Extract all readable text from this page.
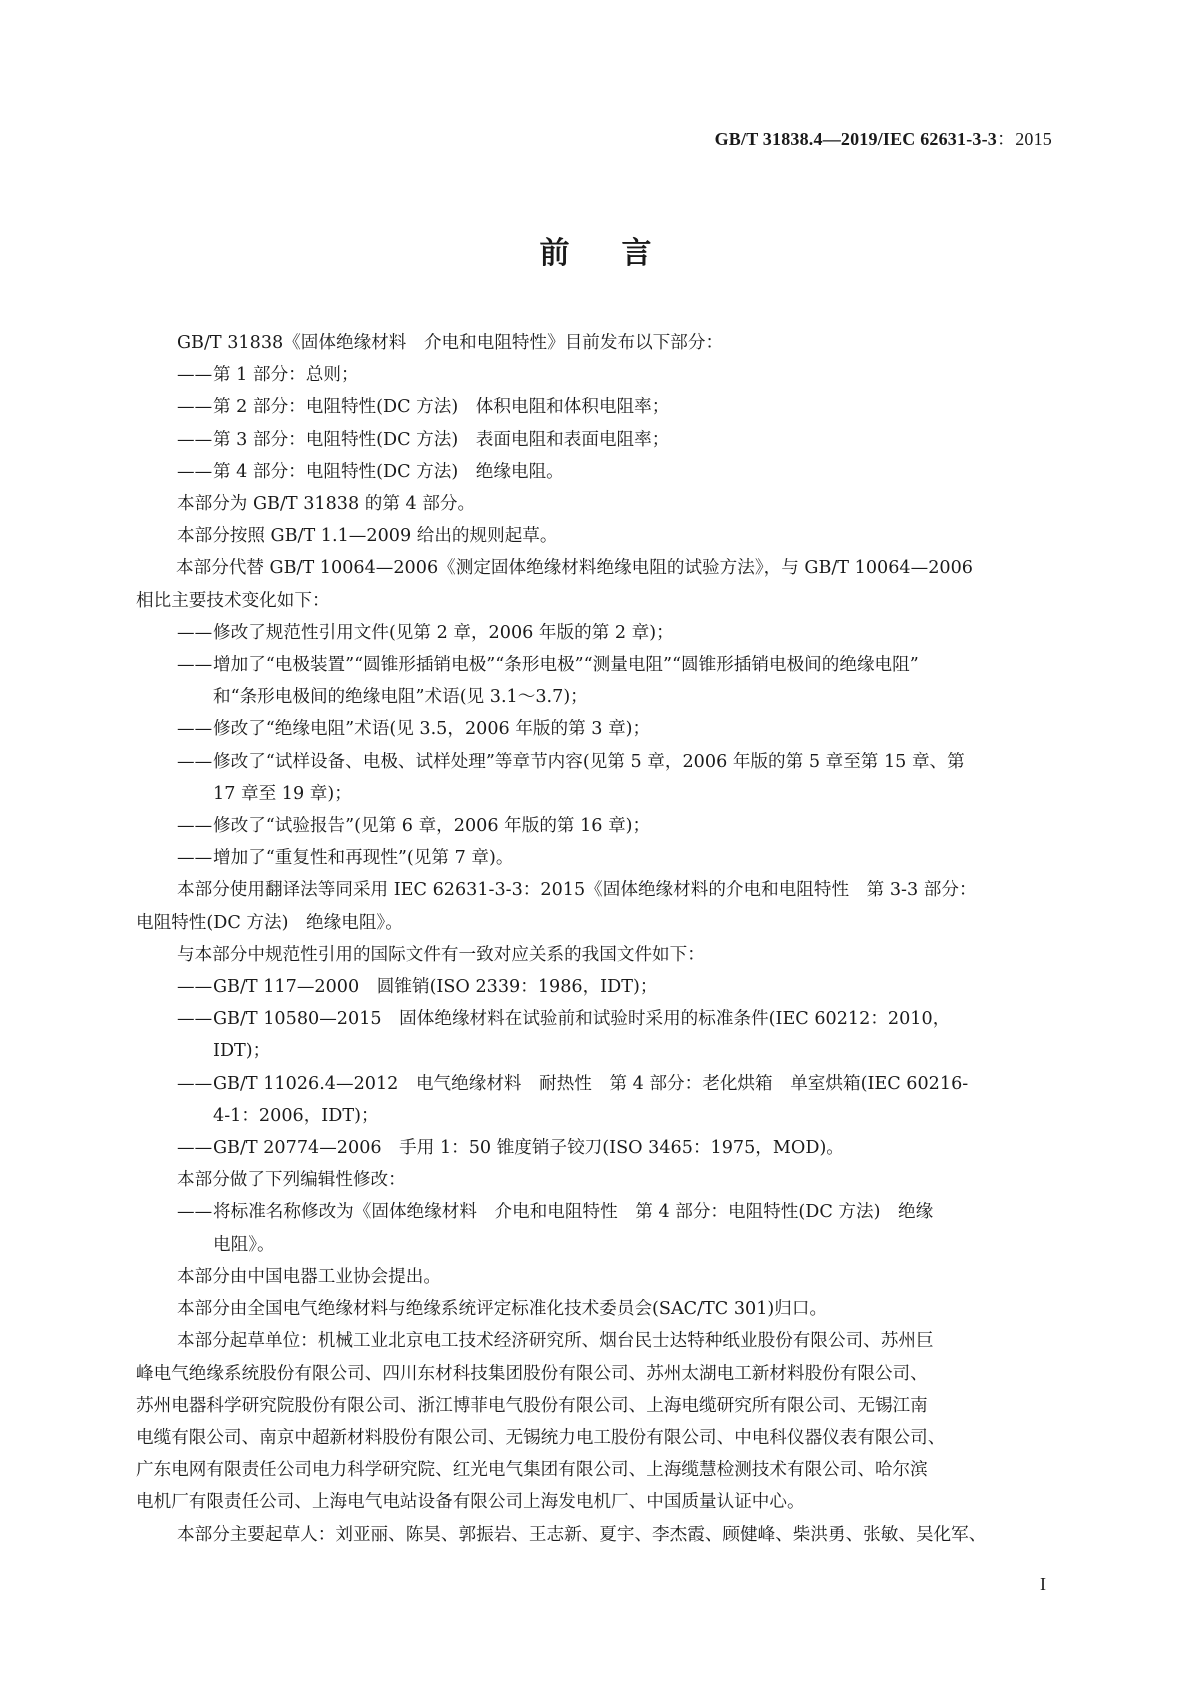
GB/T 31838.4—2019/IEC 62631-3-3：2015
前言
GB/T 31838《固体绝缘材料　介电和电阻特性》目前发布以下部分：
——第 1 部分：总则；
——第 2 部分：电阻特性(DC 方法)　体积电阻和体积电阻率；
——第 3 部分：电阻特性(DC 方法)　表面电阻和表面电阻率；
——第 4 部分：电阻特性(DC 方法)　绝缘电阻。
本部分为 GB/T 31838 的第 4 部分。
本部分按照 GB/T 1.1—2009 给出的规则起草。
本部分代替 GB/T 10064—2006《测定固体绝缘材料绝缘电阻的试验方法》，与 GB/T 10064—2006
相比主要技术变化如下：
——修改了规范性引用文件(见第 2 章，2006 年版的第 2 章)；
——增加了“电极装置”“圆锥形插销电极”“条形电极”“测量电阻”“圆锥形插销电极间的绝缘电阻”
和“条形电极间的绝缘电阻”术语(见 3.1～3.7)；
——修改了“绝缘电阻”术语(见 3.5，2006 年版的第 3 章)；
——修改了“试样设备、电极、试样处理”等章节内容(见第 5 章，2006 年版的第 5 章至第 15 章、第
17 章至 19 章)；
——修改了“试验报告”(见第 6 章，2006 年版的第 16 章)；
——增加了“重复性和再现性”(见第 7 章)。
本部分使用翻译法等同采用 IEC 62631-3-3：2015《固体绝缘材料的介电和电阻特性　第 3-3 部分：
电阻特性(DC 方法)　绝缘电阻》。
与本部分中规范性引用的国际文件有一致对应关系的我国文件如下：
——GB/T 117—2000　圆锥销(ISO 2339：1986，IDT)；
——GB/T 10580—2015　固体绝缘材料在试验前和试验时采用的标准条件(IEC 60212：2010，
IDT)；
——GB/T 11026.4—2012　电气绝缘材料　耐热性　第 4 部分：老化烘箱　单室烘箱(IEC 60216-
4-1：2006，IDT)；
——GB/T 20774—2006　手用 1：50 锥度销子铰刀(ISO 3465：1975，MOD)。
本部分做了下列编辑性修改：
——将标准名称修改为《固体绝缘材料　介电和电阻特性　第 4 部分：电阻特性(DC 方法)　绝缘
电阻》。
本部分由中国电器工业协会提出。
本部分由全国电气绝缘材料与绝缘系统评定标准化技术委员会(SAC/TC 301)归口。
本部分起草单位：机械工业北京电工技术经济研究所、烟台民士达特种纸业股份有限公司、苏州巨
峰电气绝缘系统股份有限公司、四川东材科技集团股份有限公司、苏州太湖电工新材料股份有限公司、
苏州电器科学研究院股份有限公司、浙江博菲电气股份有限公司、上海电缆研究所有限公司、无锡江南
电缆有限公司、南京中超新材料股份有限公司、无锡统力电工股份有限公司、中电科仪器仪表有限公司、
广东电网有限责任公司电力科学研究院、红光电气集团有限公司、上海缆慧检测技术有限公司、哈尔滨
电机厂有限责任公司、上海电气电站设备有限公司上海发电机厂、中国质量认证中心。
本部分主要起草人：刘亚丽、陈昊、郭振岩、王志新、夏宇、李杰霞、顾健峰、柴洪勇、张敏、吴化军、
I
